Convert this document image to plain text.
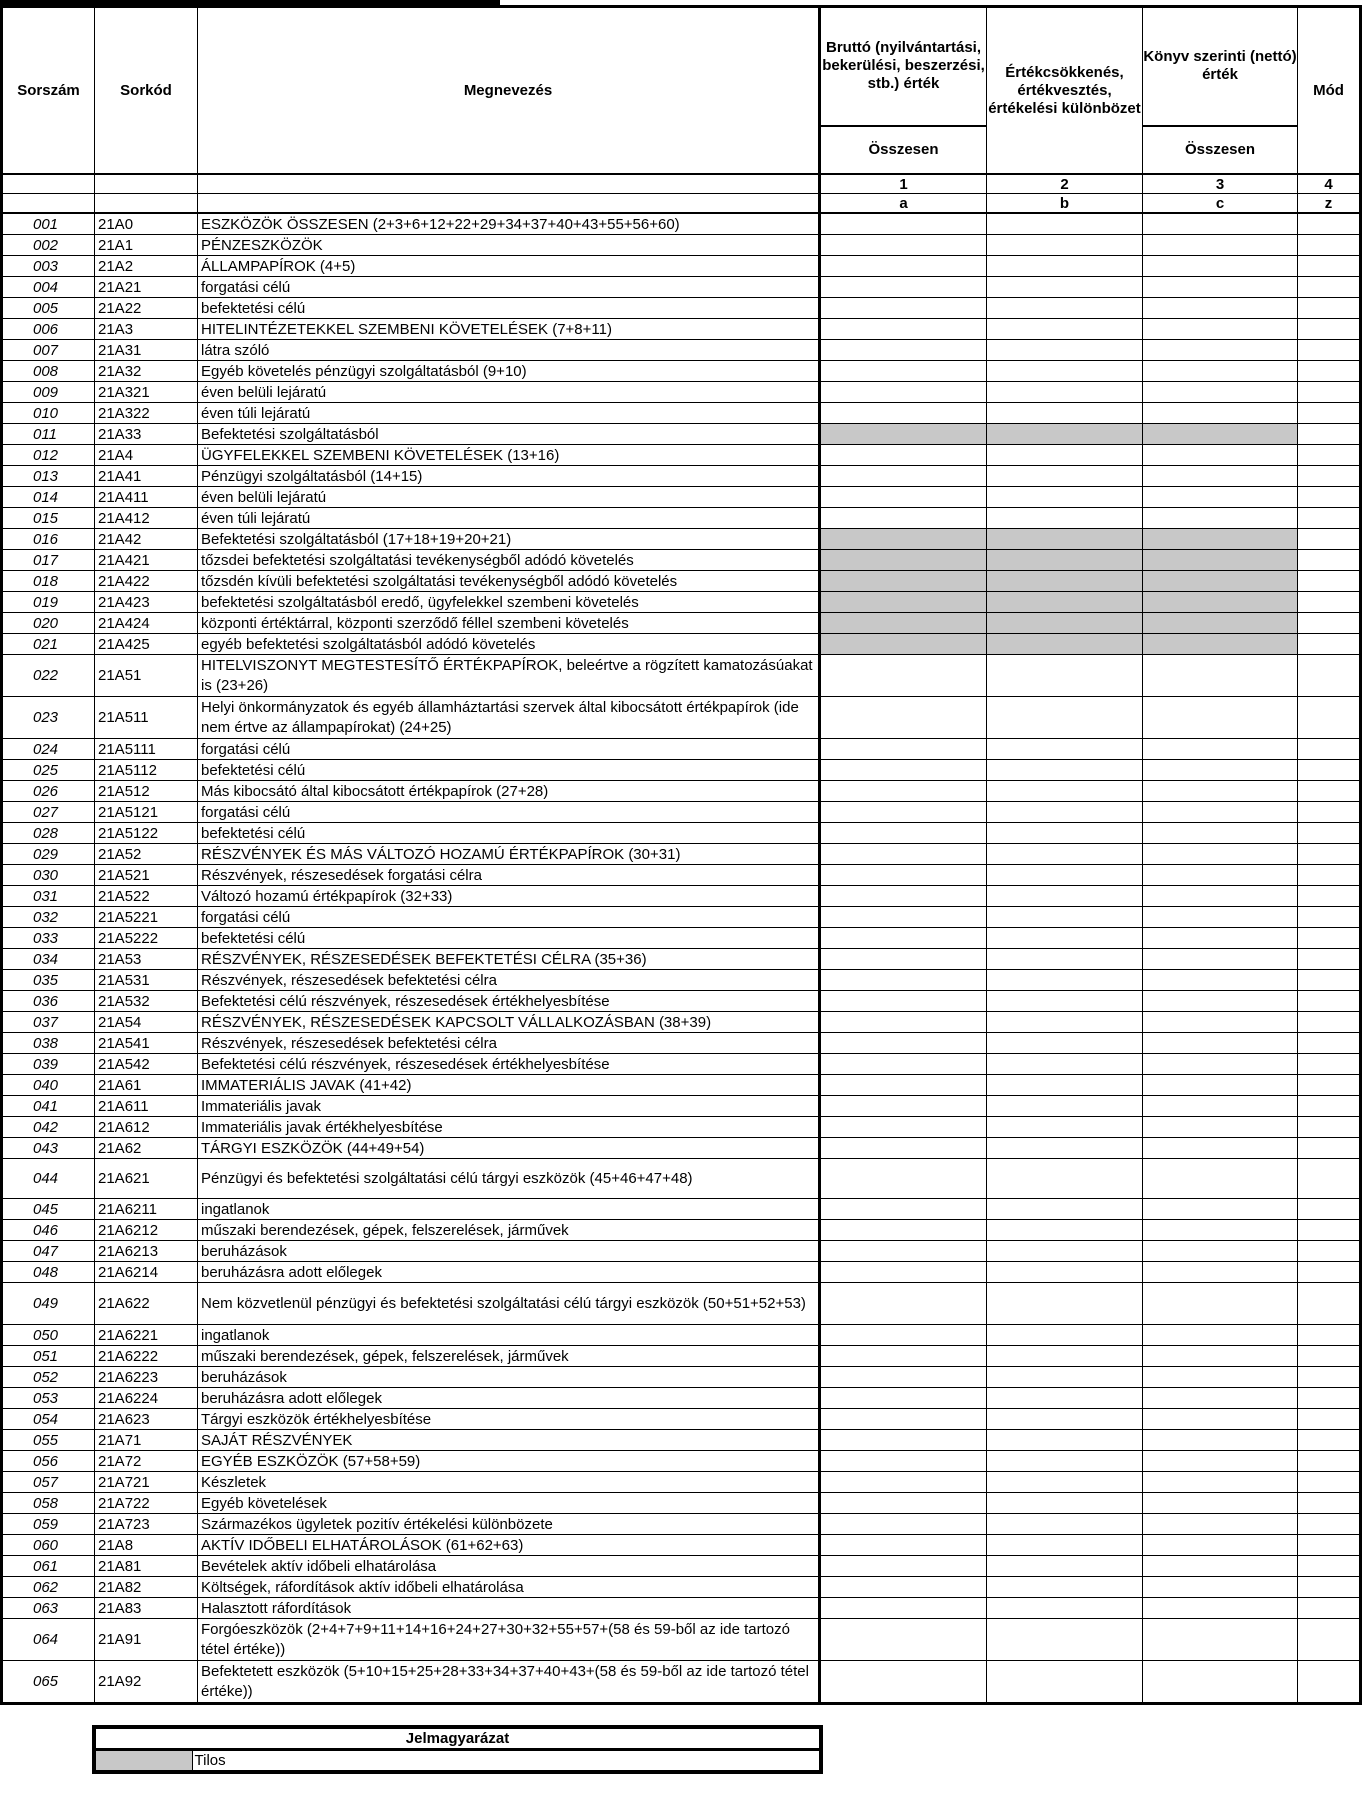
Sorszám	Sorkód	Megnevezés	Bruttó (nyilvántartási, bekerülési, beszerzési, stb.) érték	Értékcsökkenés, értékvesztés, értékelési különbözet	Könyv szerinti (nettó) érték	Mód
			Összesen		Összesen	
			1	2	3	4
			a	b	c	z
001	21A0	ESZKÖZÖK ÖSSZESEN (2+3+6+12+22+29+34+37+40+43+55+56+60)				
002	21A1	PÉNZESZKÖZÖK				
003	21A2	ÁLLAMPAPÍROK (4+5)				
004	21A21	forgatási célú				
005	21A22	befektetési célú				
006	21A3	HITELINTÉZETEKKEL SZEMBENI KÖVETELÉSEK (7+8+11)				
007	21A31	látra szóló				
008	21A32	Egyéb követelés pénzügyi szolgáltatásból (9+10)				
009	21A321	éven belüli lejáratú				
010	21A322	éven túli lejáratú				
011	21A33	Befektetési szolgáltatásból				
012	21A4	ÜGYFELEKKEL SZEMBENI KÖVETELÉSEK (13+16)				
013	21A41	Pénzügyi szolgáltatásból (14+15)				
014	21A411	éven belüli lejáratú				
015	21A412	éven túli lejáratú				
016	21A42	Befektetési szolgáltatásból (17+18+19+20+21)				
017	21A421	tőzsdei befektetési szolgáltatási tevékenységből adódó követelés				
018	21A422	tőzsdén kívüli befektetési szolgáltatási tevékenységből adódó követelés				
019	21A423	befektetési szolgáltatásból eredő, ügyfelekkel szembeni követelés				
020	21A424	központi értéktárral, központi szerződő féllel szembeni követelés				
021	21A425	egyéb befektetési szolgáltatásból adódó követelés				
022	21A51	HITELVISZONYT MEGTESTESÍTŐ ÉRTÉKPAPÍROK, beleértve a rögzített kamatozásúakat is (23+26)				
023	21A511	Helyi önkormányzatok és egyéb államháztartási szervek által kibocsátott értékpapírok (ide nem értve az állampapírokat) (24+25)				
024	21A5111	forgatási célú				
025	21A5112	befektetési célú				
026	21A512	Más kibocsátó által kibocsátott értékpapírok (27+28)				
027	21A5121	forgatási célú				
028	21A5122	befektetési célú				
029	21A52	RÉSZVÉNYEK ÉS MÁS VÁLTOZÓ HOZAMÚ ÉRTÉKPAPÍROK (30+31)				
030	21A521	Részvények, részesedések forgatási célra				
031	21A522	Változó hozamú értékpapírok (32+33)				
032	21A5221	forgatási célú				
033	21A5222	befektetési célú				
034	21A53	RÉSZVÉNYEK, RÉSZESEDÉSEK BEFEKTETÉSI CÉLRA (35+36)				
035	21A531	Részvények, részesedések befektetési célra				
036	21A532	Befektetési célú részvények, részesedések értékhelyesbítése				
037	21A54	RÉSZVÉNYEK, RÉSZESEDÉSEK KAPCSOLT VÁLLALKOZÁSBAN (38+39)				
038	21A541	Részvények, részesedések befektetési célra				
039	21A542	Befektetési célú részvények, részesedések értékhelyesbítése				
040	21A61	IMMATERIÁLIS JAVAK (41+42)				
041	21A611	Immateriális javak				
042	21A612	Immateriális javak értékhelyesbítése				
043	21A62	TÁRGYI ESZKÖZÖK (44+49+54)				
044	21A621	Pénzügyi és befektetési szolgáltatási célú tárgyi eszközök (45+46+47+48)				
045	21A6211	ingatlanok				
046	21A6212	műszaki berendezések, gépek, felszerelések, járművek				
047	21A6213	beruházások				
048	21A6214	beruházásra adott előlegek				
049	21A622	Nem közvetlenül pénzügyi és befektetési szolgáltatási célú tárgyi eszközök (50+51+52+53)				
050	21A6221	ingatlanok				
051	21A6222	műszaki berendezések, gépek, felszerelések, járművek				
052	21A6223	beruházások				
053	21A6224	beruházásra adott előlegek				
054	21A623	Tárgyi eszközök értékhelyesbítése				
055	21A71	SAJÁT RÉSZVÉNYEK				
056	21A72	EGYÉB ESZKÖZÖK (57+58+59)				
057	21A721	Készletek				
058	21A722	Egyéb követelések				
059	21A723	Származékos ügyletek pozitív értékelési különbözete				
060	21A8	AKTÍV IDŐBELI ELHATÁROLÁSOK (61+62+63)				
061	21A81	Bevételek aktív időbeli elhatárolása				
062	21A82	Költségek, ráfordítások aktív időbeli elhatárolása				
063	21A83	Halasztott ráfordítások				
064	21A91	Forgóeszközök (2+4+7+9+11+14+16+24+27+30+32+55+57+(58 és 59-ből az ide tartozó tétel értéke))				
065	21A92	Befektetett eszközök (5+10+15+25+28+33+34+37+40+43+(58 és 59-ből az ide tartozó tétel értéke))				
Jelmagyarázat
	Tilos
